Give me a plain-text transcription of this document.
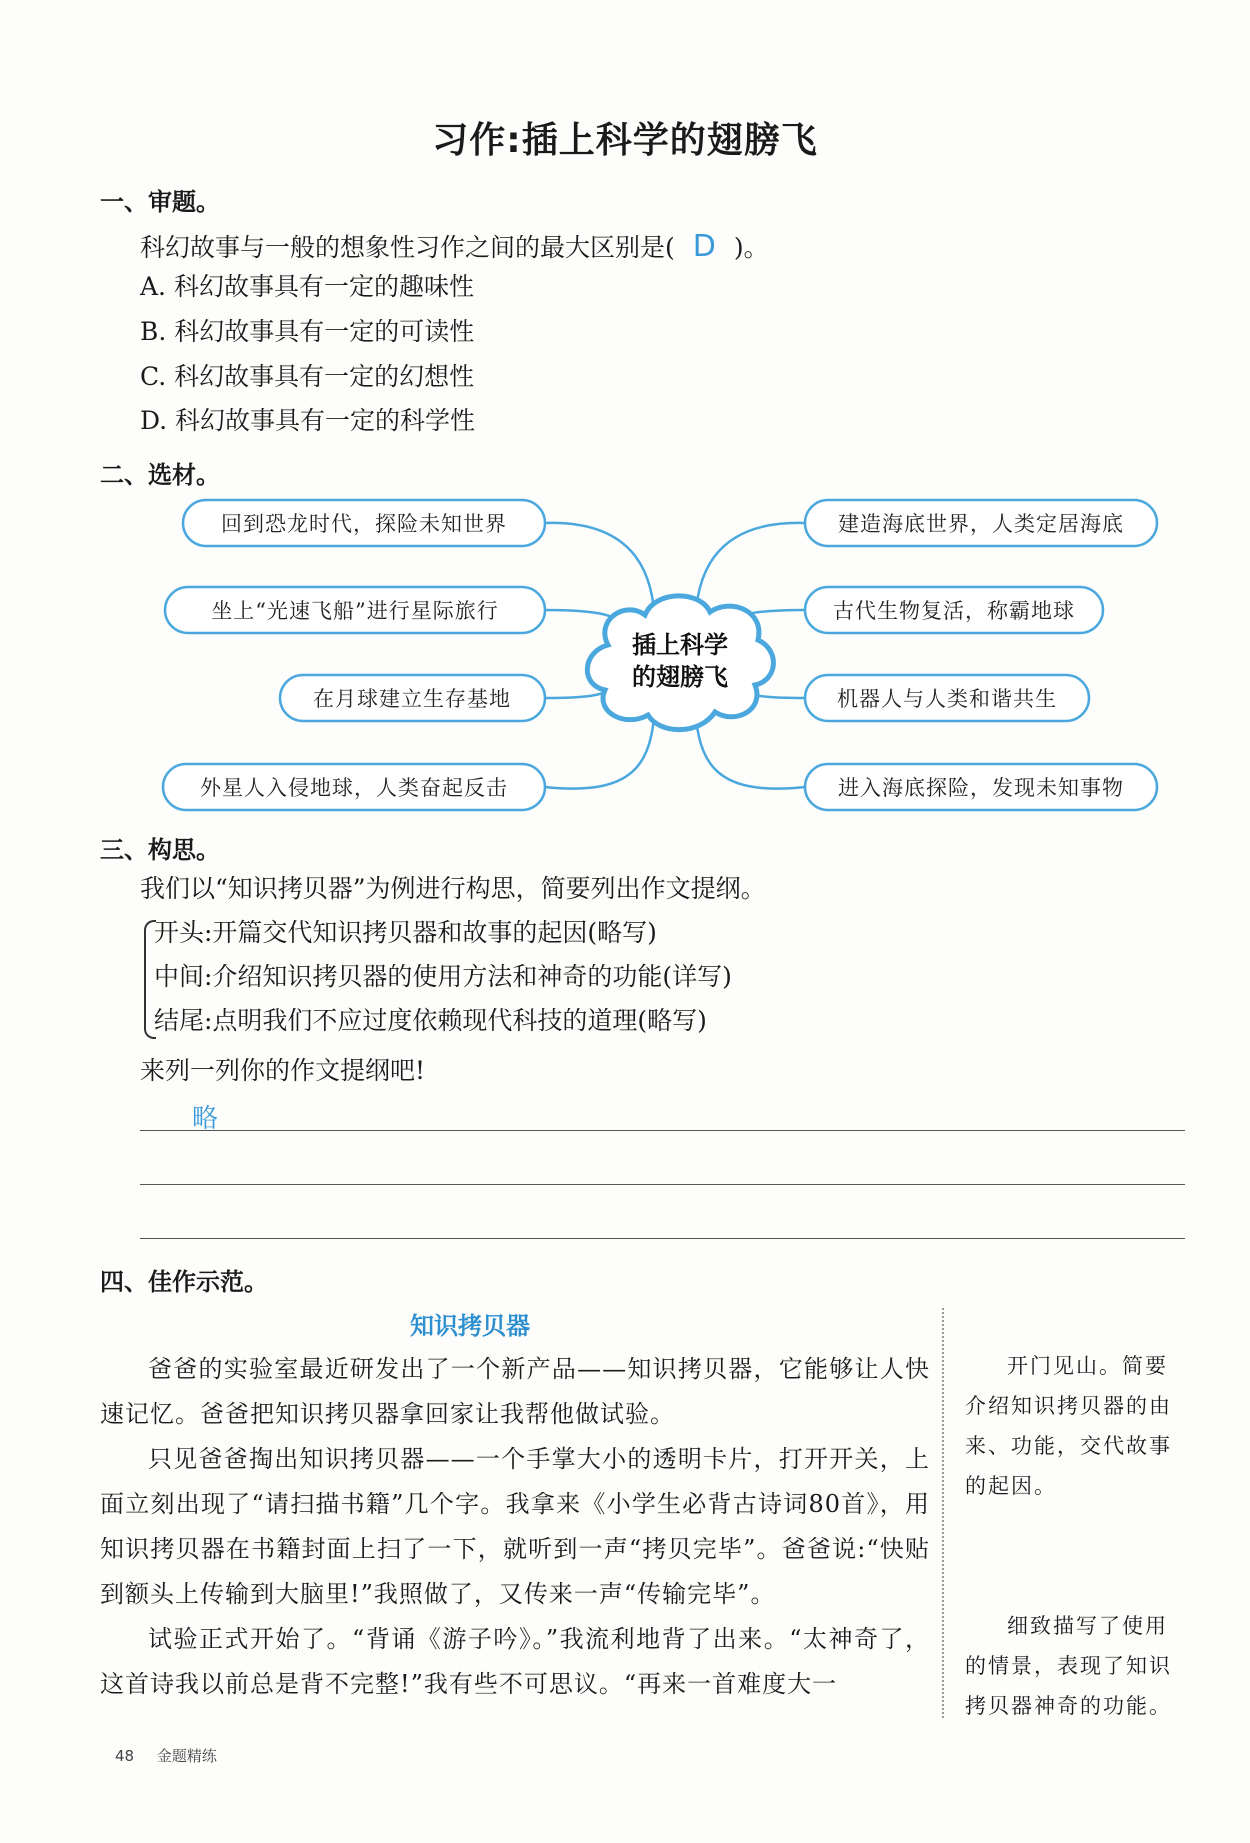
习作:插上科学的翅膀飞
一、审题。
科幻故事与一般的想象性习作之间的最大区别是( D )。
A. 科幻故事具有一定的趣味性
B. 科幻故事具有一定的可读性
C. 科幻故事具有一定的幻想性
D. 科幻故事具有一定的科学性
二、选材。
插上科学
的翅膀飞
回到恐龙时代，探险未知世界
坐上“光速飞船”进行星际旅行
在月球建立生存基地
外星人入侵地球，人类奋起反击
建造海底世界，人类定居海底
古代生物复活，称霸地球
机器人与人类和谐共生
进入海底探险，发现未知事物
三、构思。
我们以“知识拷贝器”为例进行构思，简要列出作文提纲。
开头:开篇交代知识拷贝器和故事的起因(略写)
中间:介绍知识拷贝器的使用方法和神奇的功能(详写)
结尾:点明我们不应过度依赖现代科技的道理(略写)
来列一列你的作文提纲吧!
略
四、佳作示范。
知识拷贝器

爸爸的实验室最近研发出了一个新产品——知识拷贝器，它能够让人快速记忆。爸爸把知识拷贝器拿回家让我帮他做试验。

只见爸爸掏出知识拷贝器——一个手掌大小的透明卡片，打开开关，上面立刻出现了“请扫描书籍”几个字。我拿来《小学生必背古诗词80首》，用知识拷贝器在书籍封面上扫了一下，就听到一声“拷贝完毕”。爸爸说:“快贴到额头上传输到大脑里!”我照做了，又传来一声“传输完毕”。

试验正式开始了。“背诵《游子吟》。”我流利地背了出来。“太神奇了，这首诗我以前总是背不完整!”我有些不可思议。“再来一首难度大一

开门见山。简要介绍知识拷贝器的由来、功能，交代故事的起因。
细致描写了使用的情景，表现了知识拷贝器神奇的功能。
48 金题精练
